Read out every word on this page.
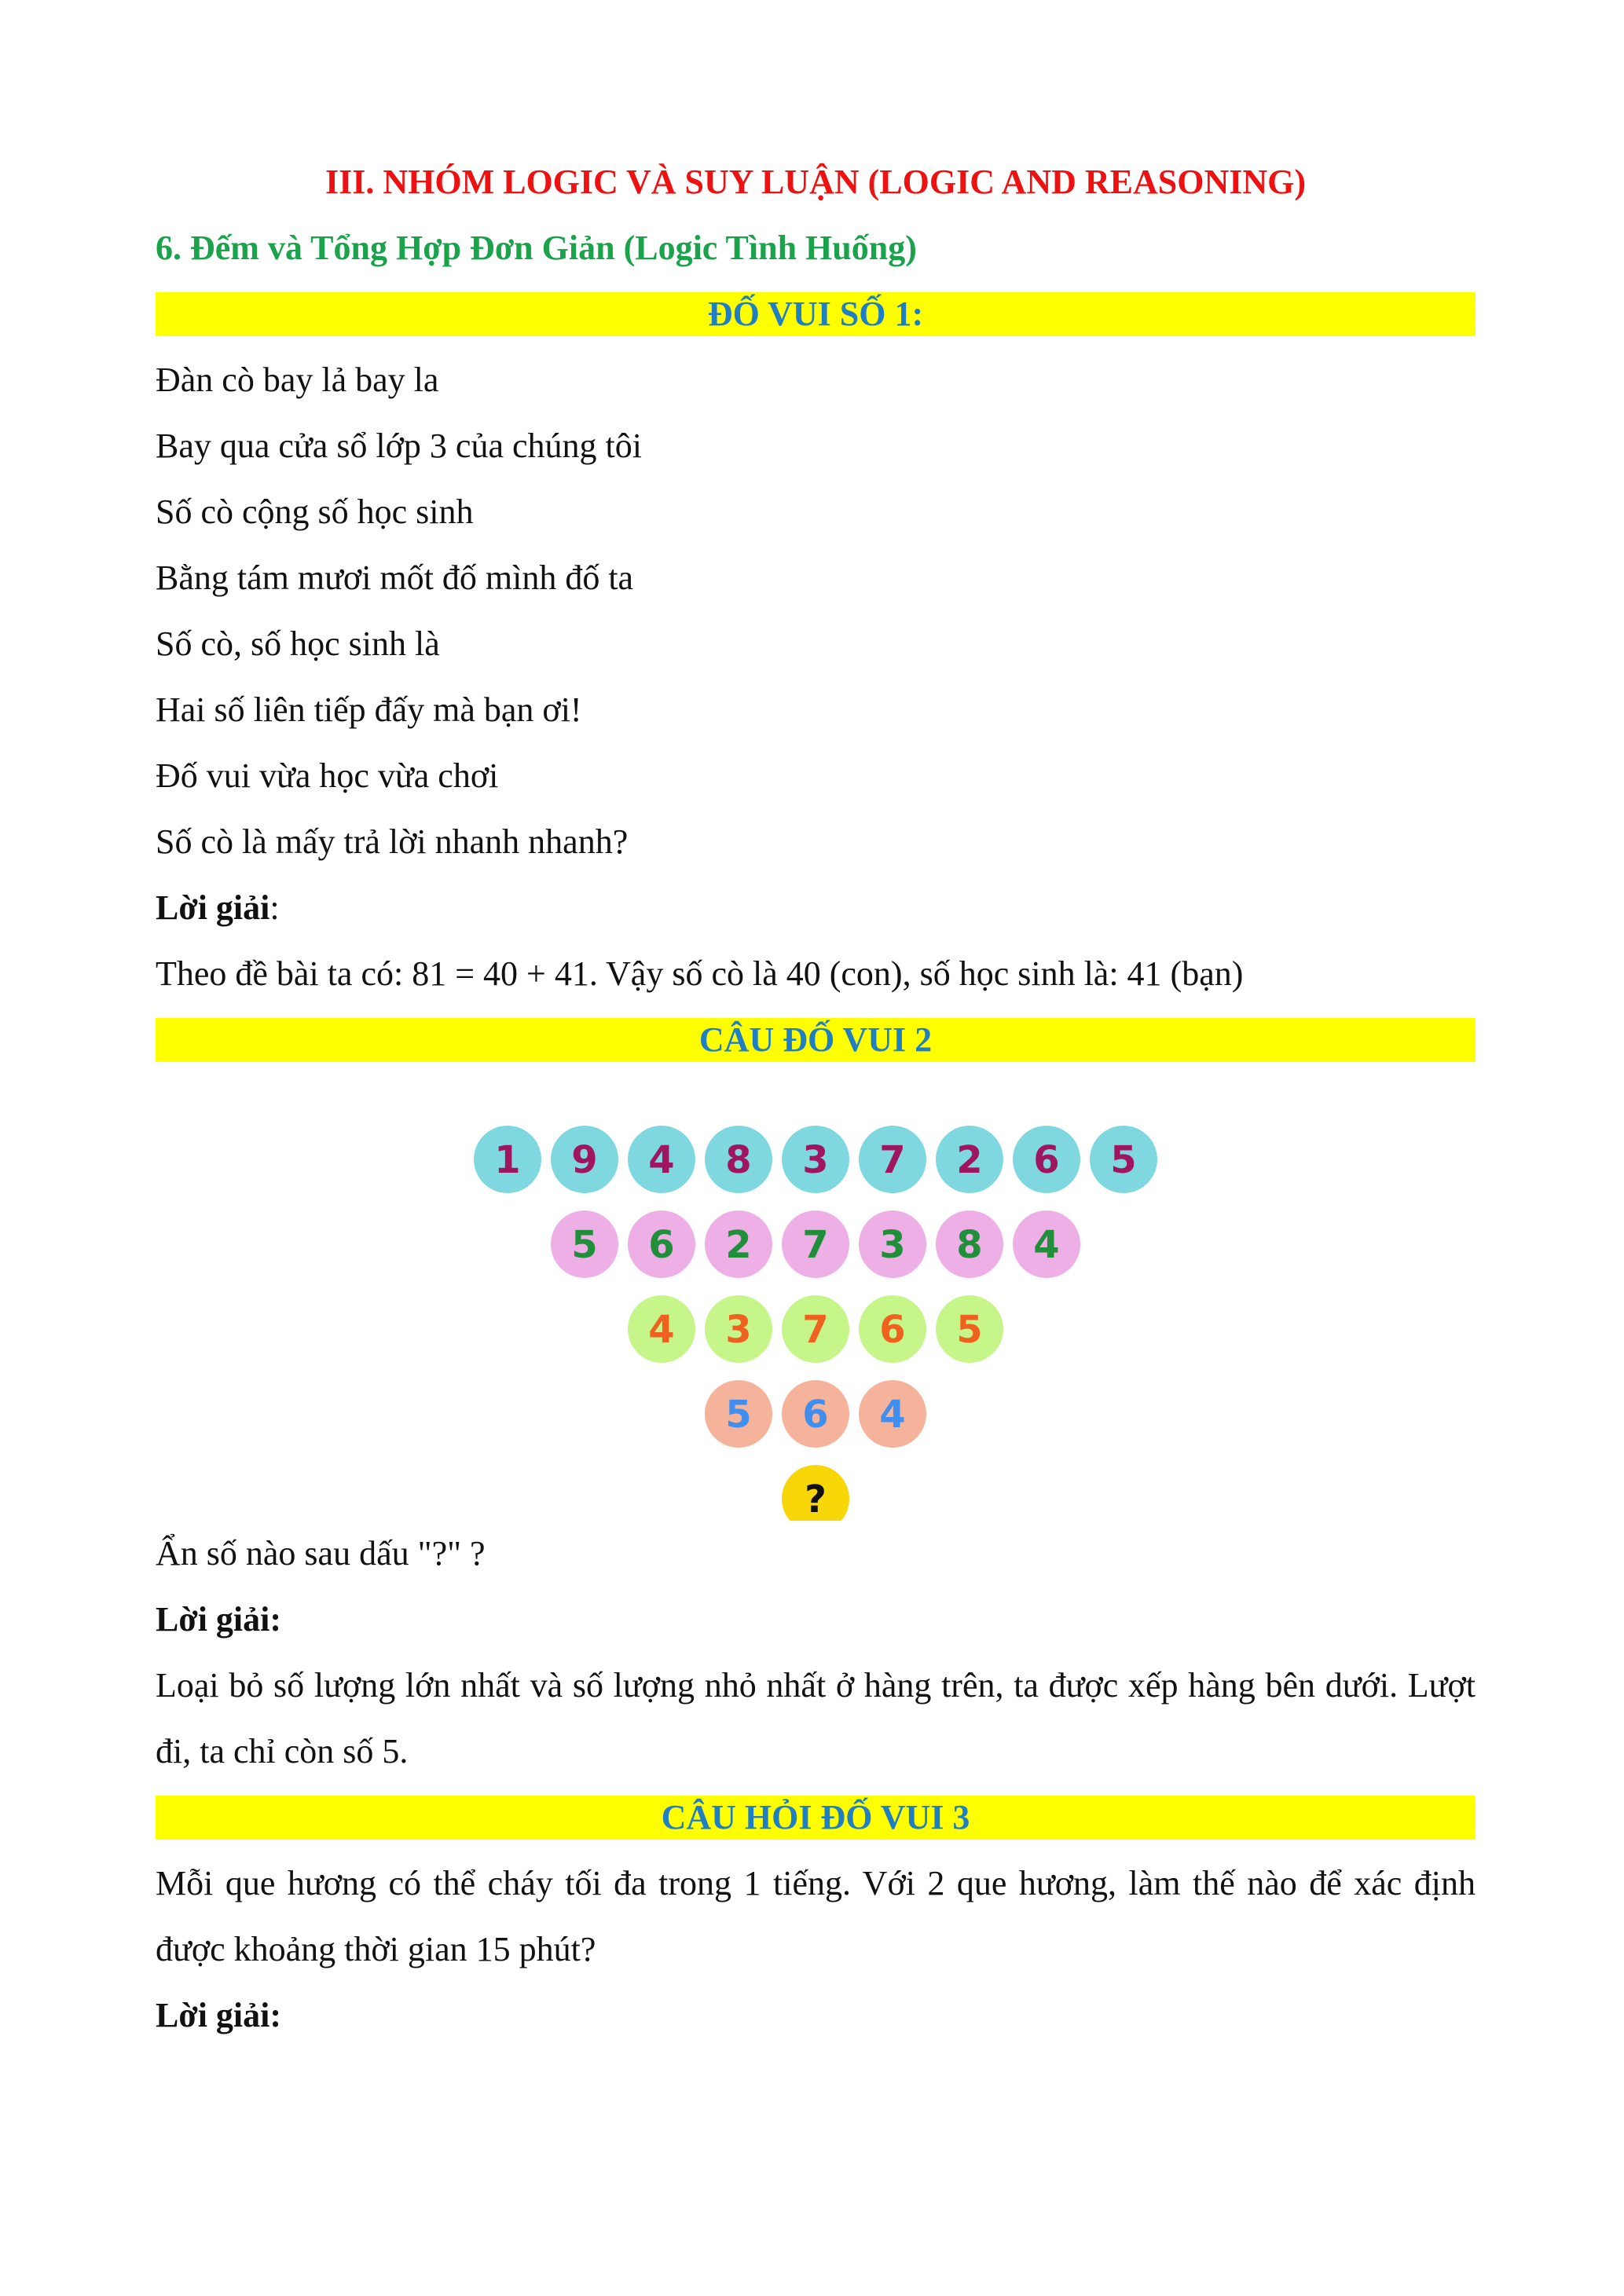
III. NHÓM LOGIC VÀ SUY LUẬN (LOGIC AND REASONING)
6. Đếm và Tổng Hợp Đơn Giản (Logic Tình Huống)
ĐỐ VUI SỐ 1:
Đàn cò bay lả bay la
Bay qua cửa sổ lớp 3 của chúng tôi
Số cò cộng số học sinh
Bằng tám mươi mốt đố mình đố ta
Số cò, số học sinh là
Hai số liên tiếp đấy mà bạn ơi!
Đố vui vừa học vừa chơi
Số cò là mấy trả lời nhanh nhanh?
Lời giải:
Theo đề bài ta có: 81 = 40 + 41. Vậy số cò là 40 (con), số học sinh là: 41 (bạn)
CÂU ĐỐ VUI 2
1 9 4 8 3 7 2 6 5
5 6 2 7 3 8 4
4 3 7 6 5
5 6 4
?
Ẩn số nào sau dấu "?" ?
Lời giải:
Loại bỏ số lượng lớn nhất và số lượng nhỏ nhất ở hàng trên, ta được xếp hàng bên dưới. Lượt đi, ta chỉ còn số 5.
CÂU HỎI ĐỐ VUI 3
Mỗi que hương có thể cháy tối đa trong 1 tiếng. Với 2 que hương, làm thế nào để xác định được khoảng thời gian 15 phút?
Lời giải:
